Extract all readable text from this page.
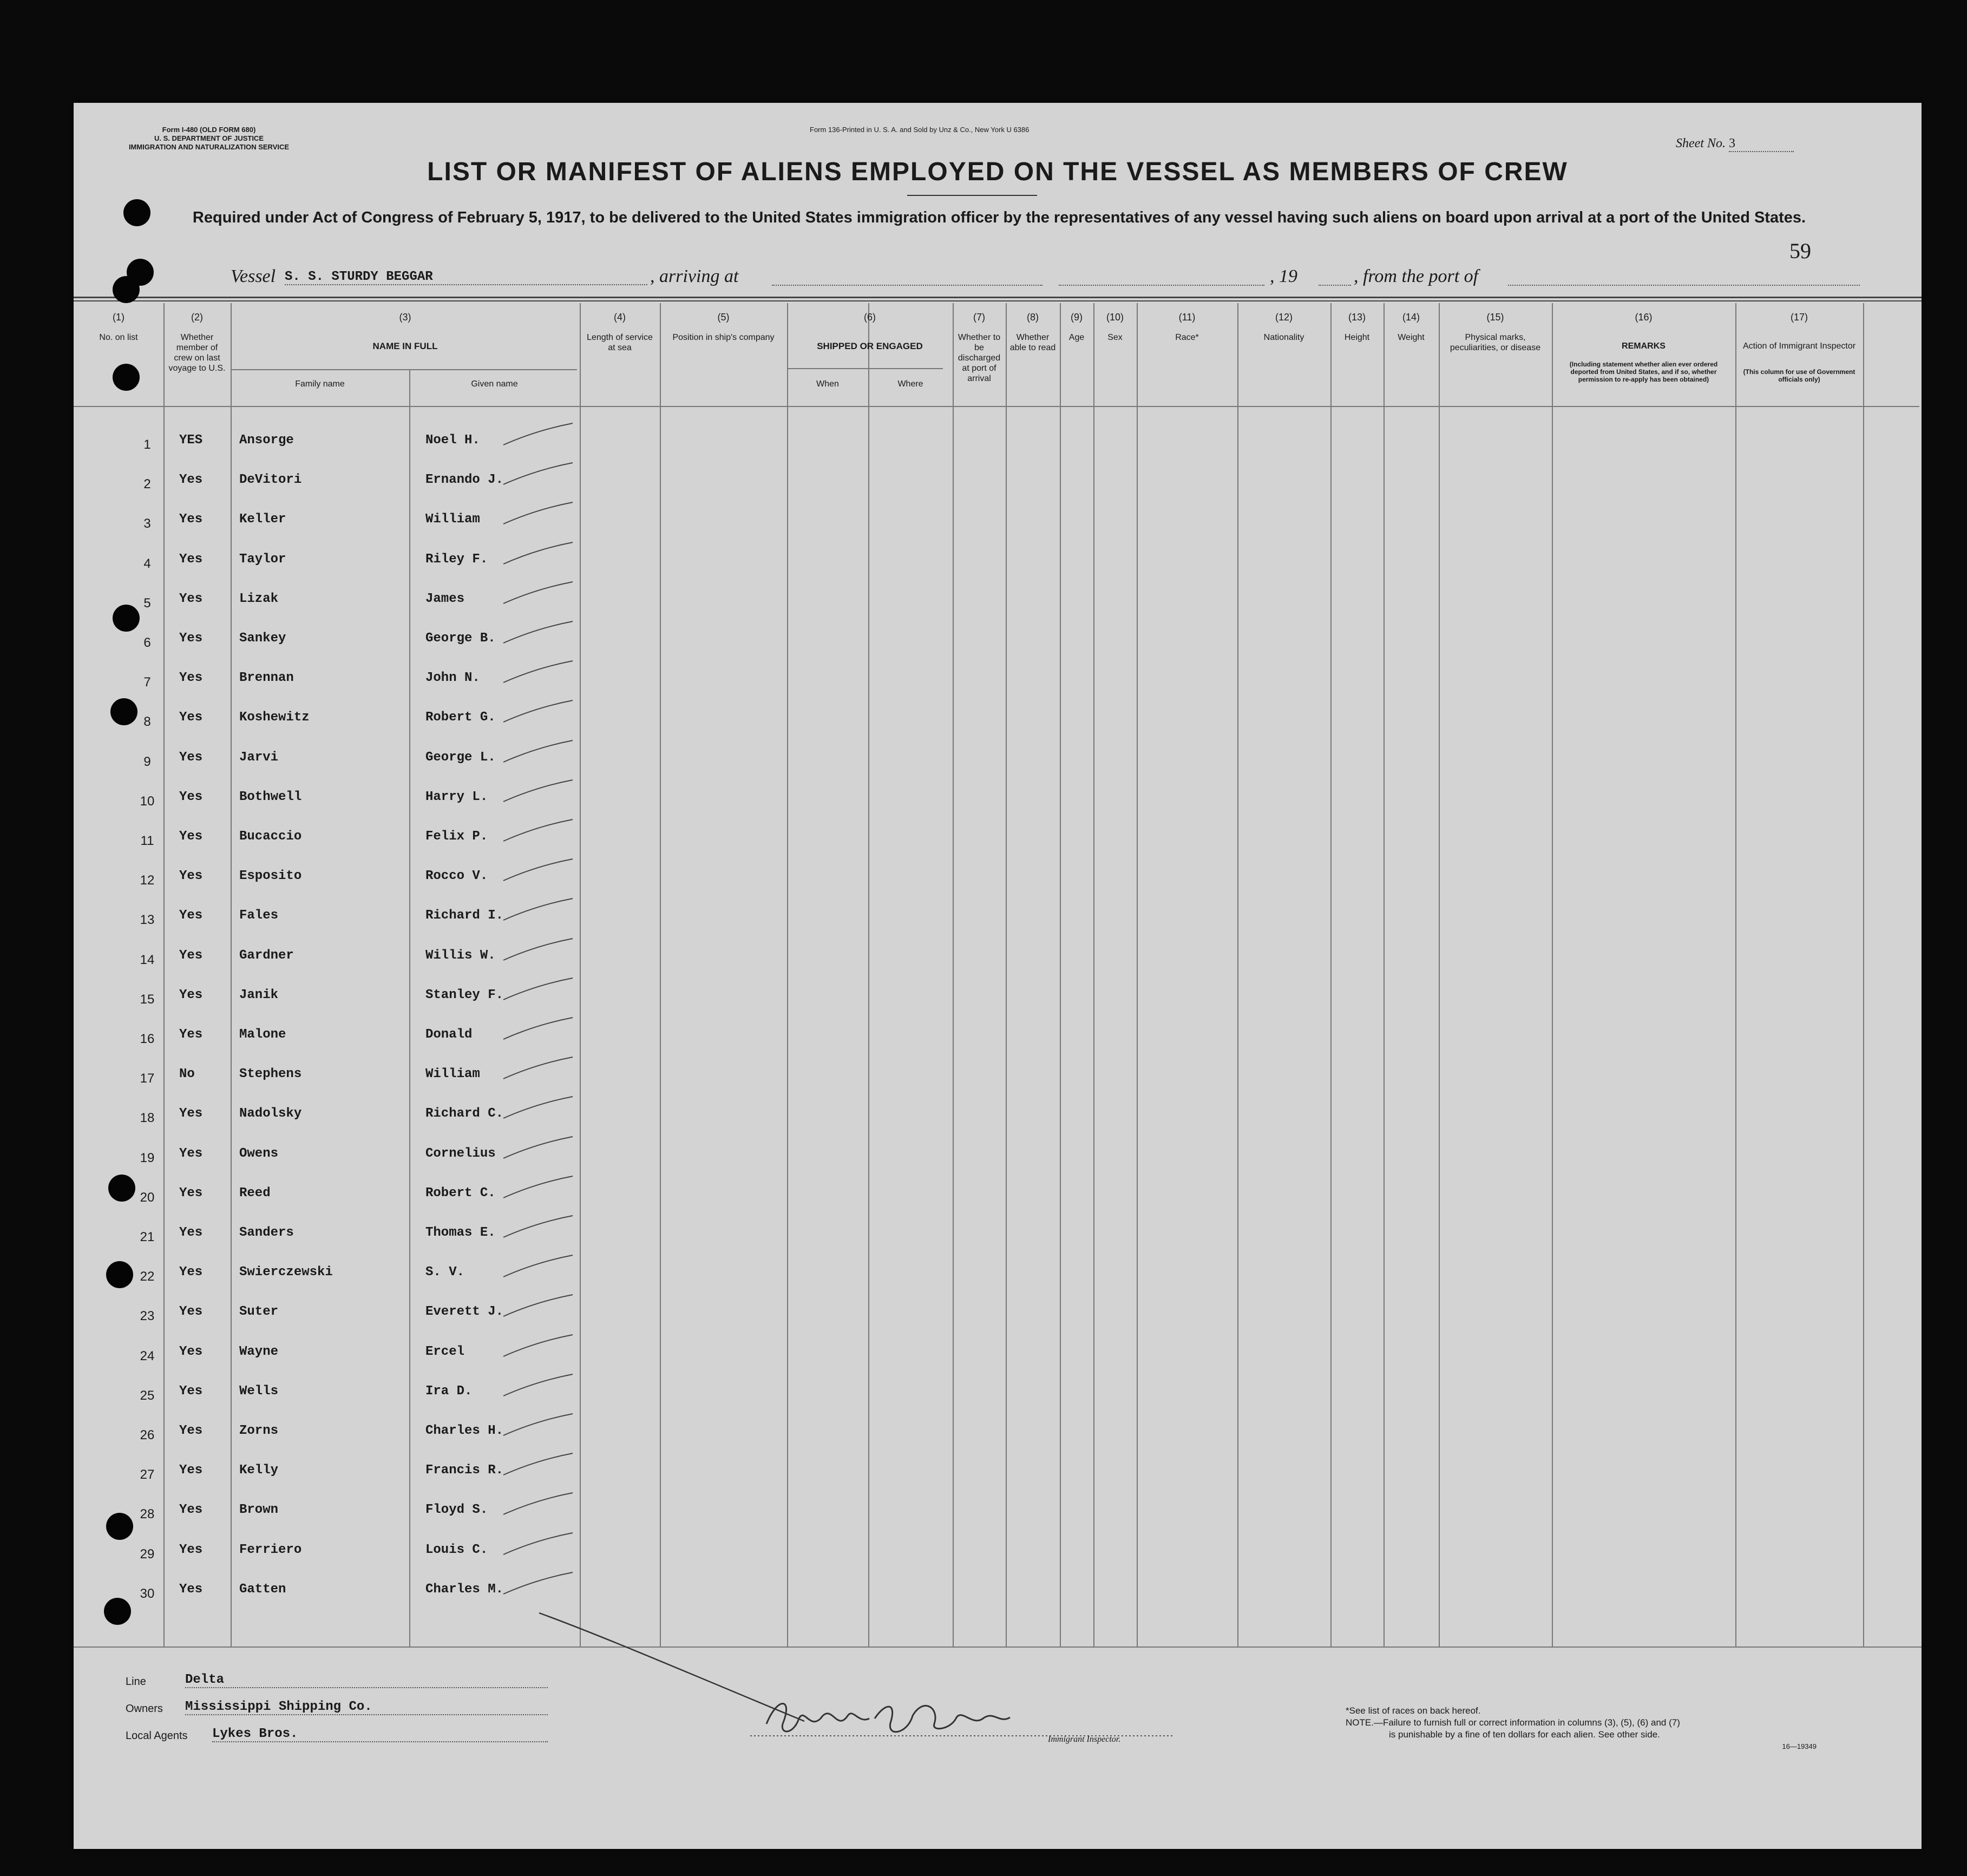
Form I-480 (OLD FORM 680)
U. S. DEPARTMENT OF JUSTICE
IMMIGRATION AND NATURALIZATION SERVICE
Form 136-Printed in U. S. A. and Sold by Unz & Co., New York U 6386
Sheet No. 3
LIST OR MANIFEST OF ALIENS EMPLOYED ON THE VESSEL AS MEMBERS OF CREW
Required under Act of Congress of February 5, 1917, to be delivered to the United States immigration officer by the representatives of any vessel having such aliens on board upon arrival at a port of the United States.
59
Vessel S. S. STURDY BEGGAR	, arriving at	, 19	, from the port of
(1)
No. on list
(2)
Whether member of crew on last voyage to U.S.
(3)
NAME IN FULL
Family name	Given name
(4)
Length of service at sea
(5)
Position in ship's company
(6)
SHIPPED OR ENGAGED
When	Where
(7)
Whether to be discharged at port of arrival
(8)
Whether able to read
(9)
Age
(10)
Sex
(11)
Race*
(12)
Nationality
(13)
Height
(14)
Weight
(15)
Physical marks, peculiarities, or disease
(16)
REMARKS
(Including statement whether alien ever ordered deported from United States, and if so, whether permission to re-apply has been obtained)
(17)
Action of Immigrant Inspector
(This column for use of Government officials only)
1	YES	Ansorge	Noel H.
2	Yes	DeVitori	Ernando J.
3	Yes	Keller	William
4	Yes	Taylor	Riley F.
5	Yes	Lizak	James
6	Yes	Sankey	George B.
7	Yes	Brennan	John N.
8	Yes	Koshewitz	Robert G.
9	Yes	Jarvi	George L.
10	Yes	Bothwell	Harry L.
11	Yes	Bucaccio	Felix P.
12	Yes	Esposito	Rocco V.
13	Yes	Fales	Richard I.
14	Yes	Gardner	Willis W.
15	Yes	Janik	Stanley F.
16	Yes	Malone	Donald
17	No	Stephens	William
18	Yes	Nadolsky	Richard C.
19	Yes	Owens	Cornelius
20	Yes	Reed	Robert C.
21	Yes	Sanders	Thomas E.
22	Yes	Swierczewski	S. V.
23	Yes	Suter	Everett J.
24	Yes	Wayne	Ercel
25	Yes	Wells	Ira D.
26	Yes	Zorns	Charles H.
27	Yes	Kelly	Francis R.
28	Yes	Brown	Floyd S.
29	Yes	Ferriero	Louis C.
30	Yes	Gatten	Charles M.
Line	Delta
Owners Mississippi Shipping Co.
Local Agents Lykes Bros.	Immigrant Inspector.
*See list of races on back hereof.
NOTE.—Failure to furnish full or correct information in columns (3), (5), (6) and (7)
is punishable by a fine of ten dollars for each alien. See other side.
16—19349
